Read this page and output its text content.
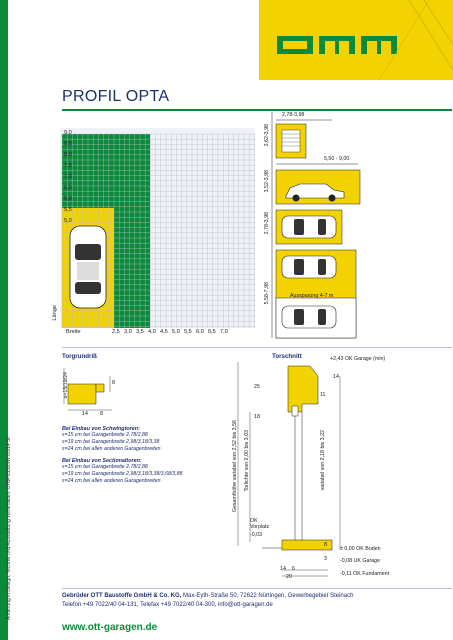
Änderung in Design, Technik und Ausstattung vorbehalten. 6TBP0559SW 03/14 St
PROFIL OPTA
9,0
8,5
8,0
7,5
7,0
6,5
6,0
5,5
5,0
Länge
Breite	2,5 3,0 3,5 4,0 4,5 5,0 5,5 6,0 6,5 7,0
2,78-3,98
5,50 - 9,00
2,62-3,98
3,52-3,98
2,78-3,98
5,58-7,98	Aussparung 4-7 m
Torgrundriß
s=15/19/24	8
14 8
Bei Einbau von Schwingtoren:
s=15 cm bei Garagenbreite 2,78/2,88
s=19 cm bei Garagenbreite 2,98/3,18/3,38
s=24 cm bei allen anderen Garagenbreiten
Bei Einbau von Sectionaltoren:
s=15 cm bei Garagenbreite 2,78/2,88
s=19 cm bei Garagenbreite 2,98/3,18/3,38/3,68/3,88
s=24 cm bei allen anderen Garagenbreiten
Torschnitt
Gesamthöhe variabel von 2,52 bis 3,56 Torlichte von 2,00 bis 3,03	variabel von 2,18 bis 3,22
25
18
14
11
+2,43 OK Garage (min)
OK Vorplatz
-0,03
± 0,00 OK Boden
-0,08 UK Garage
-0,11 OK Fundament
14 6
20
8
3
Gebrüder OTT Baustoffe GmbH & Co. KG, Max-Eyth-Straße 50, 72622 Nürtingen, Gewerbegebiet Steinach
Telefon +49 7022/40 04-131, Telefax +49 7022/40 04-300, info@ott-garagen.de
www.ott-garagen.de
